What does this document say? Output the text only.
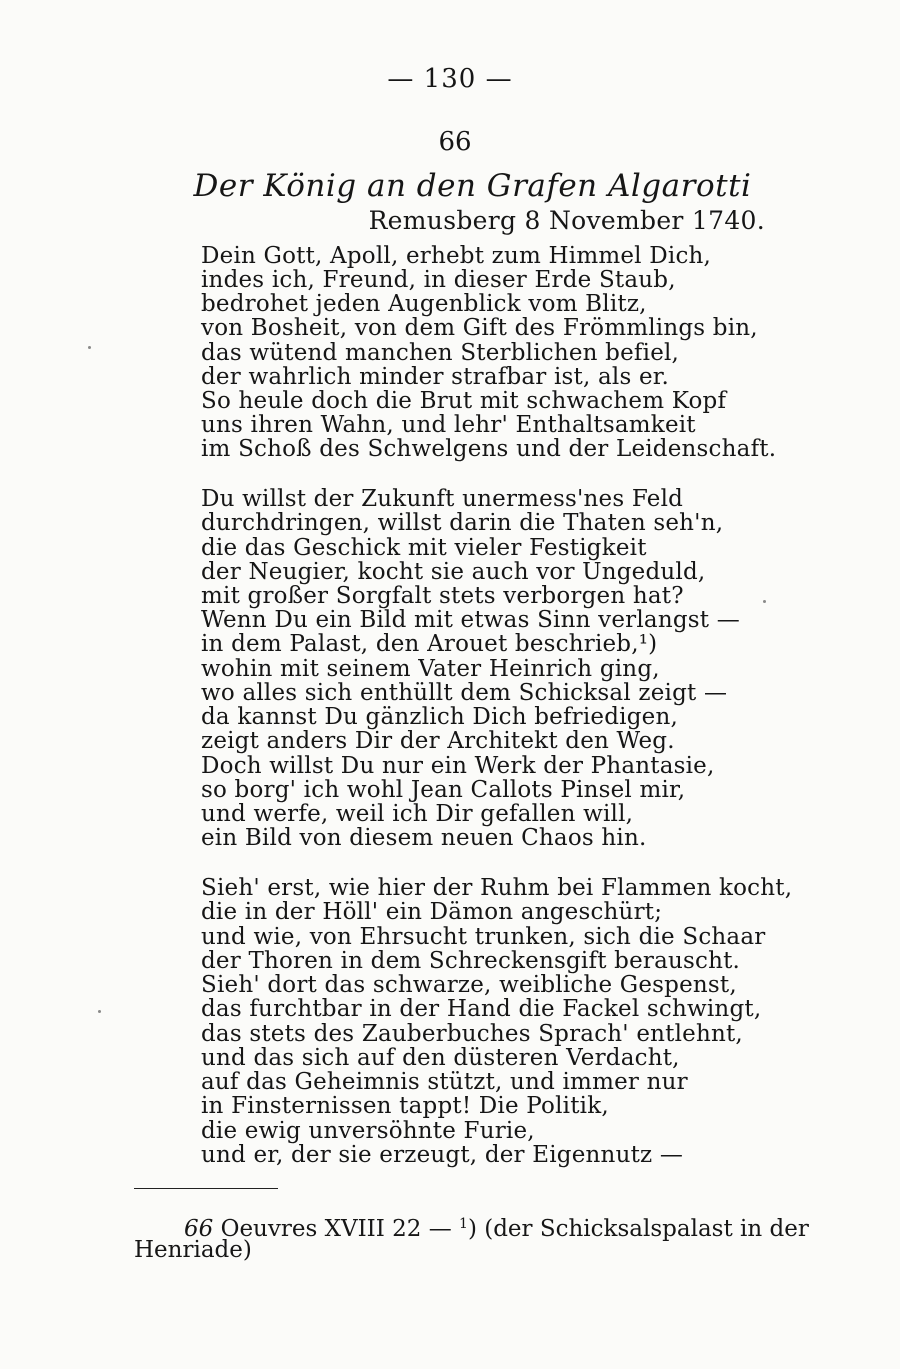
— 130 —
66
Der König an den Grafen Algarotti
Remusberg 8 November 1740.
Dein Gott, Apoll, erhebt zum Himmel Dich,
indes ich, Freund, in dieser Erde Staub,
bedrohet jeden Augenblick vom Blitz,
von Bosheit, von dem Gift des Frömmlings bin,
das wütend manchen Sterblichen befiel,
der wahrlich minder strafbar ist, als er.
So heule doch die Brut mit schwachem Kopf
uns ihren Wahn, und lehr' Enthaltsamkeit
im Schoß des Schwelgens und der Leidenschaft.
Du willst der Zukunft unermess'nes Feld
durchdringen, willst darin die Thaten seh'n,
die das Geschick mit vieler Festigkeit
der Neugier, kocht sie auch vor Ungeduld,
mit großer Sorgfalt stets verborgen hat?
Wenn Du ein Bild mit etwas Sinn verlangst —
in dem Palast, den Arouet beschrieb,¹)
wohin mit seinem Vater Heinrich ging,
wo alles sich enthüllt dem Schicksal zeigt —
da kannst Du gänzlich Dich befriedigen,
zeigt anders Dir der Architekt den Weg.
Doch willst Du nur ein Werk der Phantasie,
so borg' ich wohl Jean Callots Pinsel mir,
und werfe, weil ich Dir gefallen will,
ein Bild von diesem neuen Chaos hin.
Sieh' erst, wie hier der Ruhm bei Flammen kocht,
die in der Höll' ein Dämon angeschürt;
und wie, von Ehrsucht trunken, sich die Schaar
der Thoren in dem Schreckensgift berauscht.
Sieh' dort das schwarze, weibliche Gespenst,
das furchtbar in der Hand die Fackel schwingt,
das stets des Zauberbuches Sprach' entlehnt,
und das sich auf den düsteren Verdacht,
auf das Geheimnis stützt, und immer nur
in Finsternissen tappt! Die Politik,
die ewig unversöhnte Furie,
und er, der sie erzeugt, der Eigennutz —
66 Oeuvres XVIII 22 — $^1$) (der Schicksalspalast in der
Henriade)
